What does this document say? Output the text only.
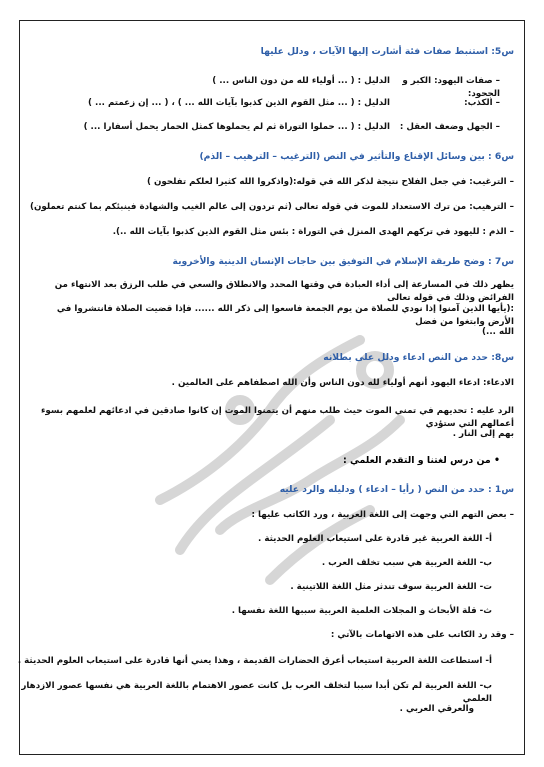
س5: استنبط صفات فئة أشارت إليها الآيات ، ودلل عليها
– صفات اليهود: الكبر و الجحود:
الدليل : ( ... أولياء لله من دون الناس ... )
– الكذب:
الدليل : ( ... مثل القوم الذين كذبوا بآيات الله ... ) ، ( ... إن زعمتم ... )
– الجهل وضعف العقل :
الدليل : ( ... حملوا التوراة ثم لم يحملوها كمثل الحمار يحمل أسفارا ... )
س6 : بين وسائل الإقناع والتأثير في النص (الترغيب – الترهيب – الذم)
– الترغيب: في جعل الفلاح نتيجة لذكر الله في قوله:(واذكروا الله كثيرا لعلكم تفلحون )
– الترهيب: من ترك الاستعداد للموت في قوله تعالى (ثم تردون إلى عالم الغيب والشهادة فينبئكم بما كنتم تعملون)
– الذم : لليهود في تركهم الهدى المنزل في التوراة : بئس مثل القوم الذين كذبوا بآيات الله ..).
س7 : وضح طريقة الإسلام في التوفيق بين حاجات الإنسان الدينية والأخروية
يظهر ذلك في المسارعة إلى أداء العبادة في وقتها المحدد والانطلاق والسعي في طلب الرزق بعد الانتهاء من الفرائض وذلك في قوله تعالى
:(يأيها الذين آمنوا إذا نودي للصلاة من يوم الجمعة فاسعوا إلى ذكر الله ...... فإذا قضيت الصلاة فانتشروا في الأرض وابتغوا من فضل
الله ...)
س8: حدد من النص ادعاء ودلل على بطلانه
الادعاء: ادعاء اليهود أنهم أولياء لله دون الناس وأن الله اصطفاهم على العالمين .
الرد عليه : تحديهم في تمني الموت حيث طلب منهم أن يتمنوا الموت إن كانوا صادقين في ادعائهم لعلمهم بسوء أعمالهم التي ستؤدي
بهم إلى النار .
• من درس لغتنا و التقدم العلمي :
س1 : حدد من النص ( رأيا – ادعاء ) ودليله والرد عليه
– بعض التهم التي وجهت إلى اللغة العربية ، ورد الكاتب عليها :
أ- اللغة العربية غير قادرة على استيعاب العلوم الحديثة .
ب- اللغة العربية هي سبب تخلف العرب .
ت- اللغة العربية سوف تندثر مثل اللغة اللاتينية .
ث- قلة الأبحاث و المجلات العلمية العربية سببها اللغة نفسها .
– وقد رد الكاتب على هذه الاتهامات بالآتي :
أ- استطاعت اللغة العربية استيعاب أعرق الحضارات القديمة ، وهذا يعني أنها قادرة على استيعاب العلوم الحديثة .
ب- اللغة العربية لم تكن أبدا سببا لتخلف العرب بل كانت عصور الاهتمام باللغة العربية هي نفسها عصور الازدهار العلمي
والعرقي العربي .
